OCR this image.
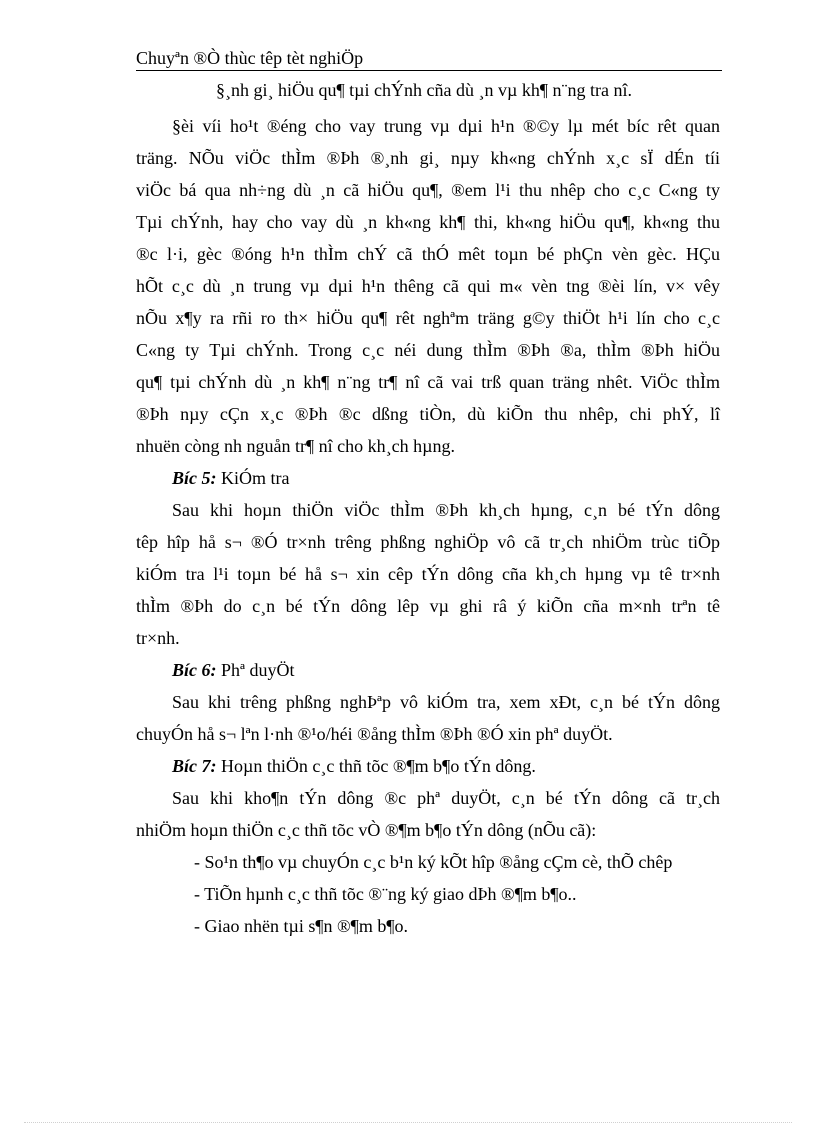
Chuyªn ®Ò thùc têp tèt nghiÖp
§¸nh gi¸ hiÖu qu¶ tµi chÝnh cña dù ¸n vµ kh¶ n¨ng tra nî.
§èi víi ho¹t ®éng cho vay trung vµ dµi h¹n ®©y lµ mét bíc rêt quan
träng. NÕu viÖc thÌm ®Þh ®¸nh gi¸ nµy kh«ng chÝnh x¸c sÏ dÉn tíi
viÖc bá qua nh÷ng dù ¸n cã hiÖu qu¶, ®em l¹i thu nhêp cho c¸c C«ng ty
Tµi chÝnh, hay cho vay dù ¸n kh«ng kh¶ thi, kh«ng hiÖu qu¶, kh«ng thu
®c l·i, gèc ®óng h¹n thÌm chÝ cã thÓ mêt toµn bé phÇn vèn gèc. HÇu
hÕt c¸c dù ¸n trung vµ dµi h¹n thêng cã qui m« vèn tng ®èi lín, v× vêy
nÕu x¶y ra rñi ro th× hiÖu qu¶ rêt nghªm träng g©y thiÖt h¹i lín cho c¸c
C«ng ty Tµi chÝnh. Trong c¸c néi dung thÌm ®Þh ®a, thÌm ®Þh hiÖu
qu¶ tµi chÝnh dù ¸n kh¶ n¨ng tr¶ nî cã vai trß quan träng nhêt. ViÖc thÌm
®Þh nµy cÇn x¸c ®Þh ®c dßng tiÒn, dù kiÕn thu nhêp, chi phÝ, lî
nhuën còng nh nguån tr¶ nî cho kh¸ch hµng.
Bíc 5: KiÓm tra
Sau khi hoµn thiÖn viÖc thÌm ®Þh kh¸ch hµng, c¸n bé tÝn dông
têp hîp hå s¬ ®Ó tr×nh trêng phßng nghiÖp vô cã tr¸ch nhiÖm trùc tiÕp
kiÓm tra l¹i toµn bé hå s¬ xin cêp tÝn dông cña kh¸ch hµng vµ tê tr×nh
thÌm ®Þh do c¸n bé tÝn dông lêp vµ ghi râ ý kiÕn cña m×nh trªn tê
tr×nh.
Bíc 6: Phª duyÖt
Sau khi trêng phßng nghÞªp vô kiÓm tra, xem xÐt, c¸n bé tÝn dông
chuyÓn hå s¬ lªn l·nh ®¹o/héi ®ång thÌm ®Þh ®Ó xin phª duyÖt.
Bíc 7: Hoµn thiÖn c¸c thñ tõc ®¶m b¶o tÝn dông.
Sau khi kho¶n tÝn dông ®c phª duyÖt, c¸n bé tÝn dông cã tr¸ch
nhiÖm hoµn thiÖn c¸c thñ tõc vÒ ®¶m b¶o tÝn dông (nÕu cã):
- So¹n th¶o vµ chuyÓn c¸c b¹n ký kÕt hîp ®ång cÇm cè, thÕ chêp
- TiÕn hµnh c¸c thñ tõc ®¨ng ký giao dÞh ®¶m b¶o..
- Giao nhën tµi s¶n ®¶m b¶o.
